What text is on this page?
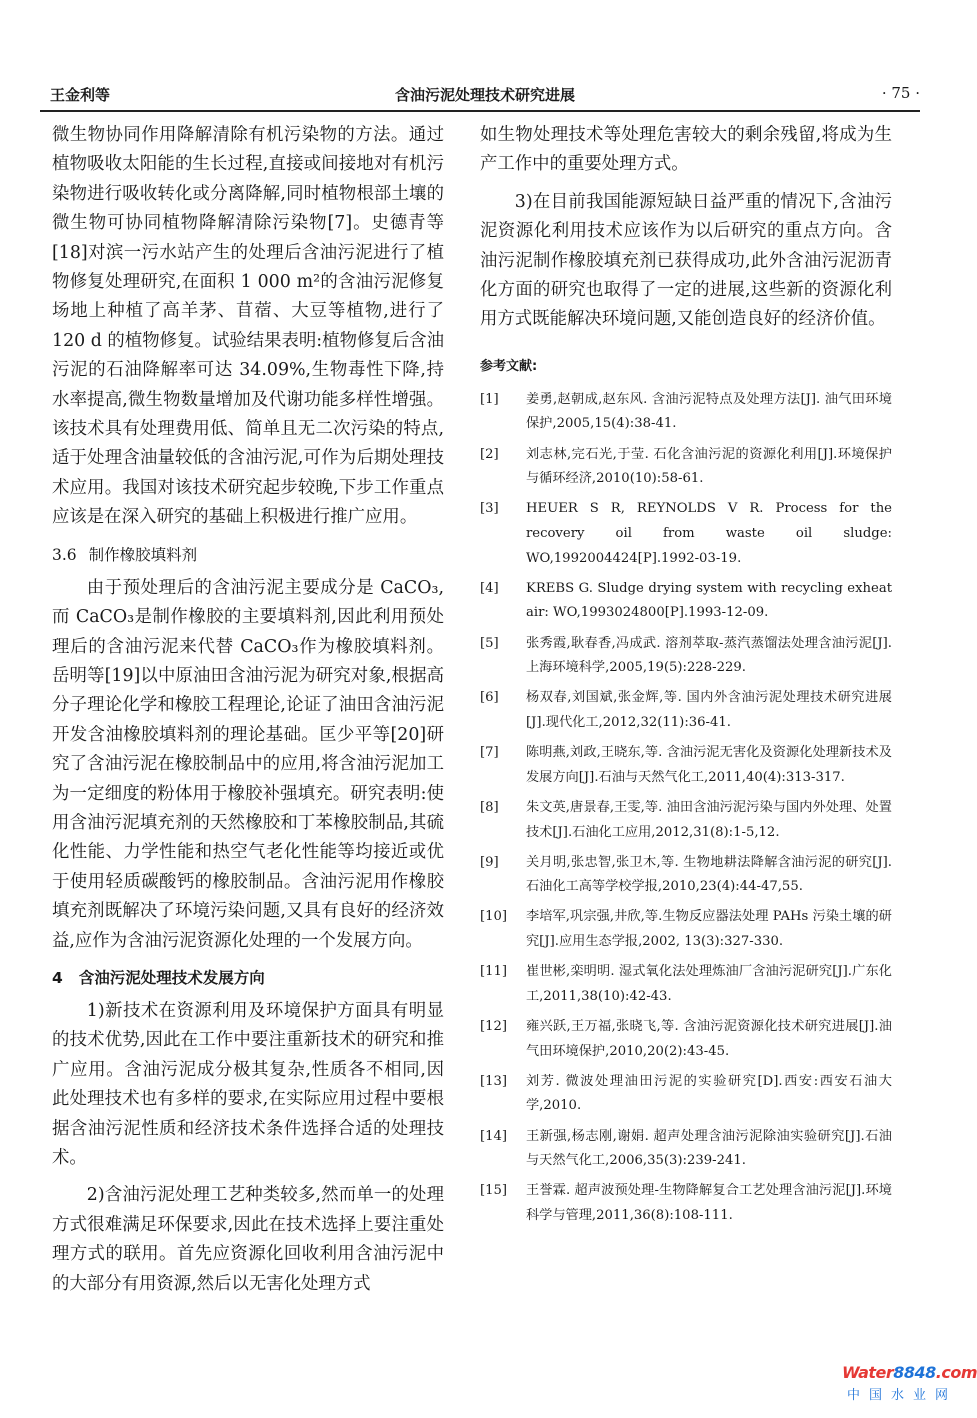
王金利等	含油污泥处理技术研究进展	· 75 ·

微生物协同作用降解清除有机污染物的方法。通过植物吸收太阳能的生长过程,直接或间接地对有机污染物进行吸收转化或分离降解,同时植物根部土壤的微生物可协同植物降解清除污染物[7]。史德青等[18]对滨一污水站产生的处理后含油污泥进行了植物修复处理研究,在面积 1 000 m²的含油污泥修复场地上种植了高羊茅、苜蓿、大豆等植物,进行了 120 d 的植物修复。试验结果表明:植物修复后含油污泥的石油降解率可达 34.09%,生物毒性下降,持水率提高,微生物数量增加及代谢功能多样性增强。该技术具有处理费用低、简单且无二次污染的特点,适于处理含油量较低的含油污泥,可作为后期处理技术应用。我国对该技术研究起步较晚,下步工作重点应该是在深入研究的基础上积极进行推广应用。

3.6 制作橡胶填料剂

由于预处理后的含油污泥主要成分是 CaCO₃,而 CaCO₃是制作橡胶的主要填料剂,因此利用预处理后的含油污泥来代替 CaCO₃作为橡胶填料剂。岳明等[19]以中原油田含油污泥为研究对象,根据高分子理论化学和橡胶工程理论,论证了油田含油污泥开发含油橡胶填料剂的理论基础。匡少平等[20]研究了含油污泥在橡胶制品中的应用,将含油污泥加工为一定细度的粉体用于橡胶补强填充。研究表明:使用含油污泥填充剂的天然橡胶和丁苯橡胶制品,其硫化性能、力学性能和热空气老化性能等均接近或优于使用轻质碳酸钙的橡胶制品。含油污泥用作橡胶填充剂既解决了环境污染问题,又具有良好的经济效益,应作为含油污泥资源化处理的一个发展方向。

4 含油污泥处理技术发展方向

1)新技术在资源利用及环境保护方面具有明显的技术优势,因此在工作中要注重新技术的研究和推广应用。含油污泥成分极其复杂,性质各不相同,因此处理技术也有多样的要求,在实际应用过程中要根据含油污泥性质和经济技术条件选择合适的处理技术。

2)含油污泥处理工艺种类较多,然而单一的处理方式很难满足环保要求,因此在技术选择上要注重处理方式的联用。首先应资源化回收利用含油污泥中的大部分有用资源,然后以无害化处理方式

如生物处理技术等处理危害较大的剩余残留,将成为生产工作中的重要处理方式。

3)在目前我国能源短缺日益严重的情况下,含油污泥资源化利用技术应该作为以后研究的重点方向。含油污泥制作橡胶填充剂已获得成功,此外含油污泥沥青化方面的研究也取得了一定的进展,这些新的资源化利用方式既能解决环境问题,又能创造良好的经济价值。

参考文献:
[1]	姜勇,赵朝成,赵东风. 含油污泥特点及处理方法[J]. 油气田环境保护,2005,15(4):38-41.
[2]	刘志林,完石光,于莹. 石化含油污泥的资源化利用[J].环境保护与循环经济,2010(10):58-61.
[3]	HEUER S R, REYNOLDS V R. Process for the recovery oil from waste oil sludge: WO,1992004424[P].1992-03-19.
[4]	KREBS G. Sludge drying system with recycling exheat air: WO,1993024800[P].1993-12-09.
[5]	张秀霞,耿春香,冯成武. 溶剂萃取-蒸汽蒸馏法处理含油污泥[J].上海环境科学,2005,19(5):228-229.
[6]	杨双春,刘国斌,张金辉,等. 国内外含油污泥处理技术研究进展[J].现代化工,2012,32(11):36-41.
[7]	陈明燕,刘政,王晓东,等. 含油污泥无害化及资源化处理新技术及发展方向[J].石油与天然气化工,2011,40(4):313-317.
[8]	朱文英,唐景春,王雯,等. 油田含油污泥污染与国内外处理、处置技术[J].石油化工应用,2012,31(8):1-5,12.
[9]	关月明,张忠智,张卫木,等. 生物地耕法降解含油污泥的研究[J].石油化工高等学校学报,2010,23(4):44-47,55.
[10]	李培军,巩宗强,井欣,等.生物反应器法处理 PAHs 污染土壤的研究[J].应用生态学报,2002, 13(3):327-330.
[11]	崔世彬,栾明明. 湿式氧化法处理炼油厂含油污泥研究[J].广东化工,2011,38(10):42-43.
[12]	雍兴跃,王万福,张晓飞,等. 含油污泥资源化技术研究进展[J].油气田环境保护,2010,20(2):43-45.
[13]	刘芳. 微波处理油田污泥的实验研究[D].西安:西安石油大学,2010.
[14]	王新强,杨志刚,谢娟. 超声处理含油污泥除油实验研究[J].石油与天然气化工,2006,35(3):239-241.
[15]	王誉霖. 超声波预处理-生物降解复合工艺处理含油污泥[J].环境科学与管理,2011,36(8):108-111.
Water8848.com
中国水业网
